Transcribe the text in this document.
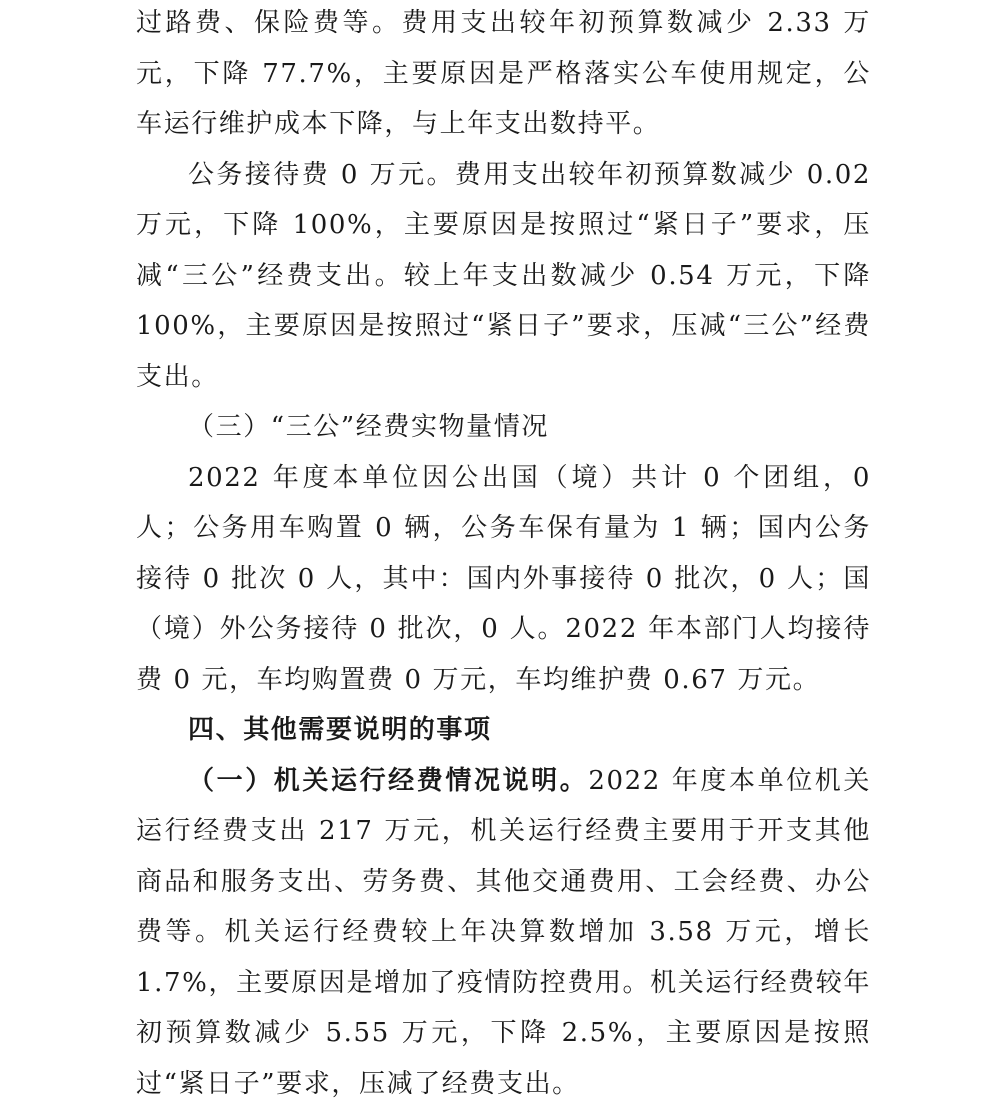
过路费、保险费等。费用支出较年初预算数减少 2.33 万元，下降 77.7%，主要原因是严格落实公车使用规定，公车运行维护成本下降，与上年支出数持平。

公务接待费 0 万元。费用支出较年初预算数减少 0.02 万元，下降 100%，主要原因是按照过“紧日子”要求，压减“三公”经费支出。较上年支出数减少 0.54 万元，下降 100%，主要原因是按照过“紧日子”要求，压减“三公”经费支出。

（三）“三公”经费实物量情况

2022 年度本单位因公出国（境）共计 0 个团组，0 人；公务用车购置 0 辆，公务车保有量为 1 辆；国内公务接待 0 批次 0 人，其中：国内外事接待 0 批次，0 人；国（境）外公务接待 0 批次，0 人。2022 年本部门人均接待费 0 元，车均购置费 0 万元，车均维护费 0.67 万元。

四、其他需要说明的事项

（一）机关运行经费情况说明。2022 年度本单位机关运行经费支出 217 万元，机关运行经费主要用于开支其他商品和服务支出、劳务费、其他交通费用、工会经费、办公费等。机关运行经费较上年决算数增加 3.58 万元，增长 1.7%，主要原因是增加了疫情防控费用。机关运行经费较年初预算数减少 5.55 万元，下降 2.5%，主要原因是按照过“紧日子”要求，压减了经费支出。
